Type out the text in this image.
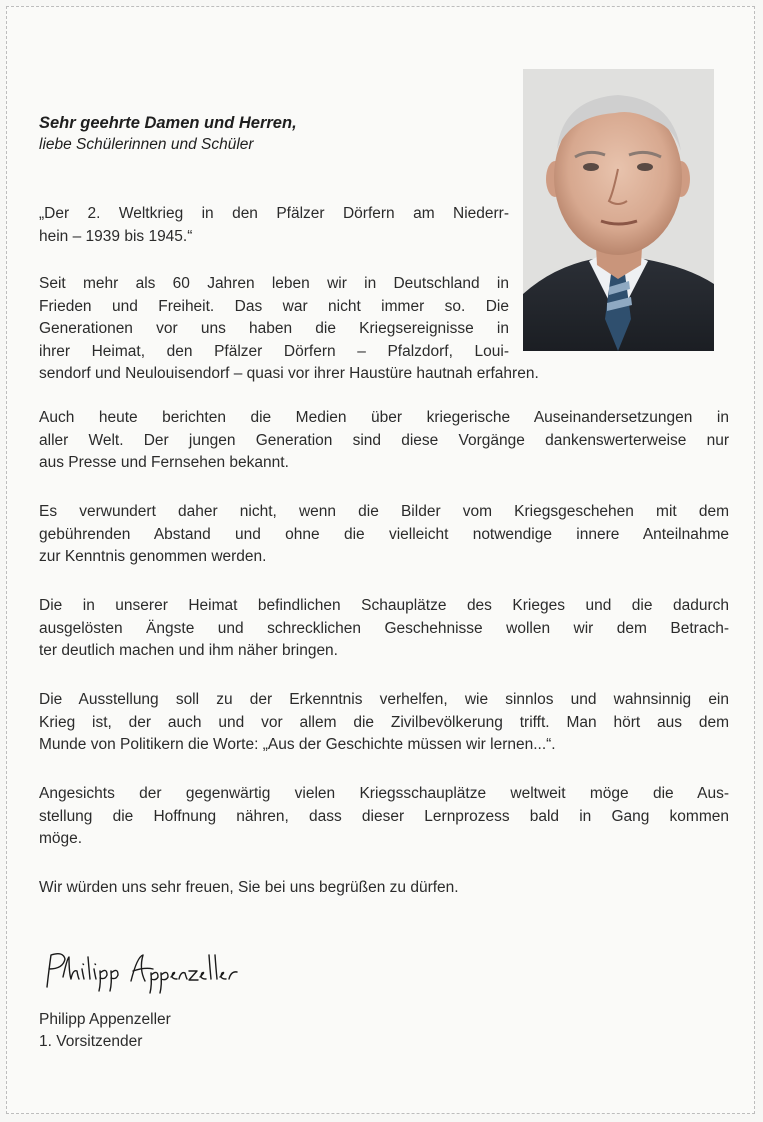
Sehr geehrte Damen und Herren,
liebe Schülerinnen und Schüler

„Der 2. Weltkrieg in den Pfälzer Dörfern am Niederr-
hein – 1939 bis 1945.“

Seit mehr als 60 Jahren leben wir in Deutschland in
Frieden und Freiheit. Das war nicht immer so. Die
Generationen vor uns haben die Kriegsereignisse in
ihrer Heimat, den Pfälzer Dörfern – Pfalzdorf, Loui-
sendorf und Neulouisendorf – quasi vor ihrer Haustüre hautnah erfahren.

Auch heute berichten die Medien über kriegerische Auseinandersetzungen in
aller Welt. Der jungen Generation sind diese Vorgänge dankenswerterweise nur
aus Presse und Fernsehen bekannt.

Es verwundert daher nicht, wenn die Bilder vom Kriegsgeschehen mit dem
gebührenden Abstand und ohne die vielleicht notwendige innere Anteilnahme
zur Kenntnis genommen werden.

Die in unserer Heimat befindlichen Schauplätze des Krieges und die dadurch
ausgelösten Ängste und schrecklichen Geschehnisse wollen wir dem Betrach-
ter deutlich machen und ihm näher bringen.

Die Ausstellung soll zu der Erkenntnis verhelfen, wie sinnlos und wahnsinnig ein
Krieg ist, der auch und vor allem die Zivilbevölkerung trifft. Man hört aus dem
Munde von Politikern die Worte: „Aus der Geschichte müssen wir lernen...“.

Angesichts der gegenwärtig vielen Kriegsschauplätze weltweit möge die Aus-
stellung die Hoffnung nähren, dass dieser Lernprozess bald in Gang kommen
möge.

Wir würden uns sehr freuen, Sie bei uns begrüßen zu dürfen.

Philipp Appenzeller
1. Vorsitzender
